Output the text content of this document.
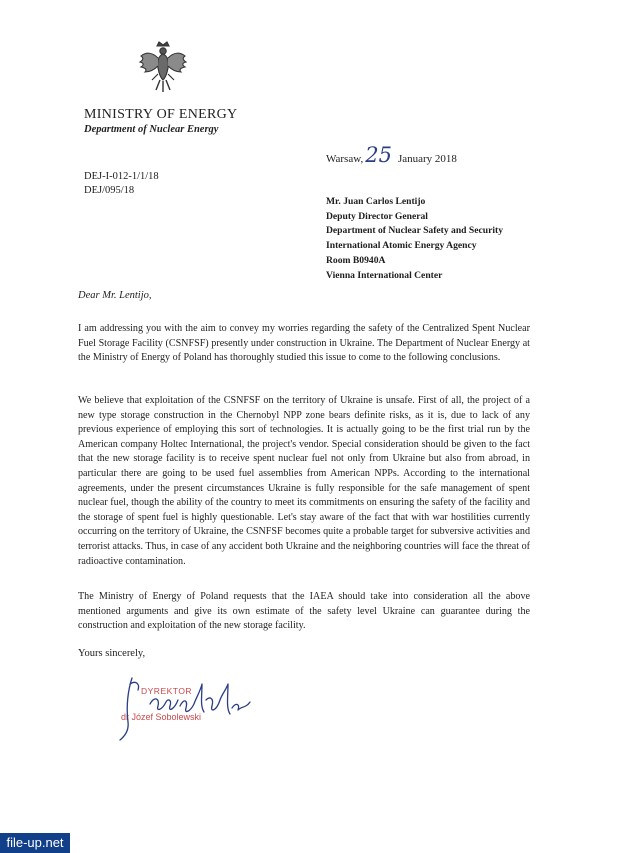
MINISTRY OF ENERGY
Department of Nuclear Energy
DEJ-I-012-1/1/18
DEJ/095/18
Warsaw,25 January 2018
Mr. Juan Carlos Lentijo
Deputy Director General
Department of Nuclear Safety and Security
International Atomic Energy Agency
Room B0940A
Vienna International Center
Dear Mr. Lentijo,
I am addressing you with the aim to convey my worries regarding the safety of the Centralized Spent Nuclear Fuel Storage Facility (CSNFSF) presently under construction in Ukraine. The Department of Nuclear Energy at the Ministry of Energy of Poland has thoroughly studied this issue to come to the following conclusions.
We believe that exploitation of the CSNFSF on the territory of Ukraine is unsafe. First of all, the project of a new type storage construction in the Chernobyl NPP zone bears definite risks, as it is, due to lack of any previous experience of employing this sort of technologies. It is actually going to be the first trial run by the American company Holtec International, the project's vendor. Special consideration should be given to the fact that the new storage facility is to receive spent nuclear fuel not only from Ukraine but also from abroad, in particular there are going to be used fuel assemblies from American NPPs. According to the international agreements, under the present circumstances Ukraine is fully responsible for the safe management of spent nuclear fuel, though the ability of the country to meet its commitments on ensuring the safety of the facility and the storage of spent fuel is highly questionable. Let's stay aware of the fact that with war hostilities currently occurring on the territory of Ukraine, the CSNFSF becomes quite a probable target for subversive activities and terrorist attacks. Thus, in case of any accident both Ukraine and the neighboring countries will face the threat of radioactive contamination.
The Ministry of Energy of Poland requests that the IAEA should take into consideration all the above mentioned arguments and give its own estimate of the safety level Ukraine can guarantee during the construction and exploitation of the new storage facility.
Yours sincerely,
DYREKTOR
dr Józef Sobolewski
file-up.net
